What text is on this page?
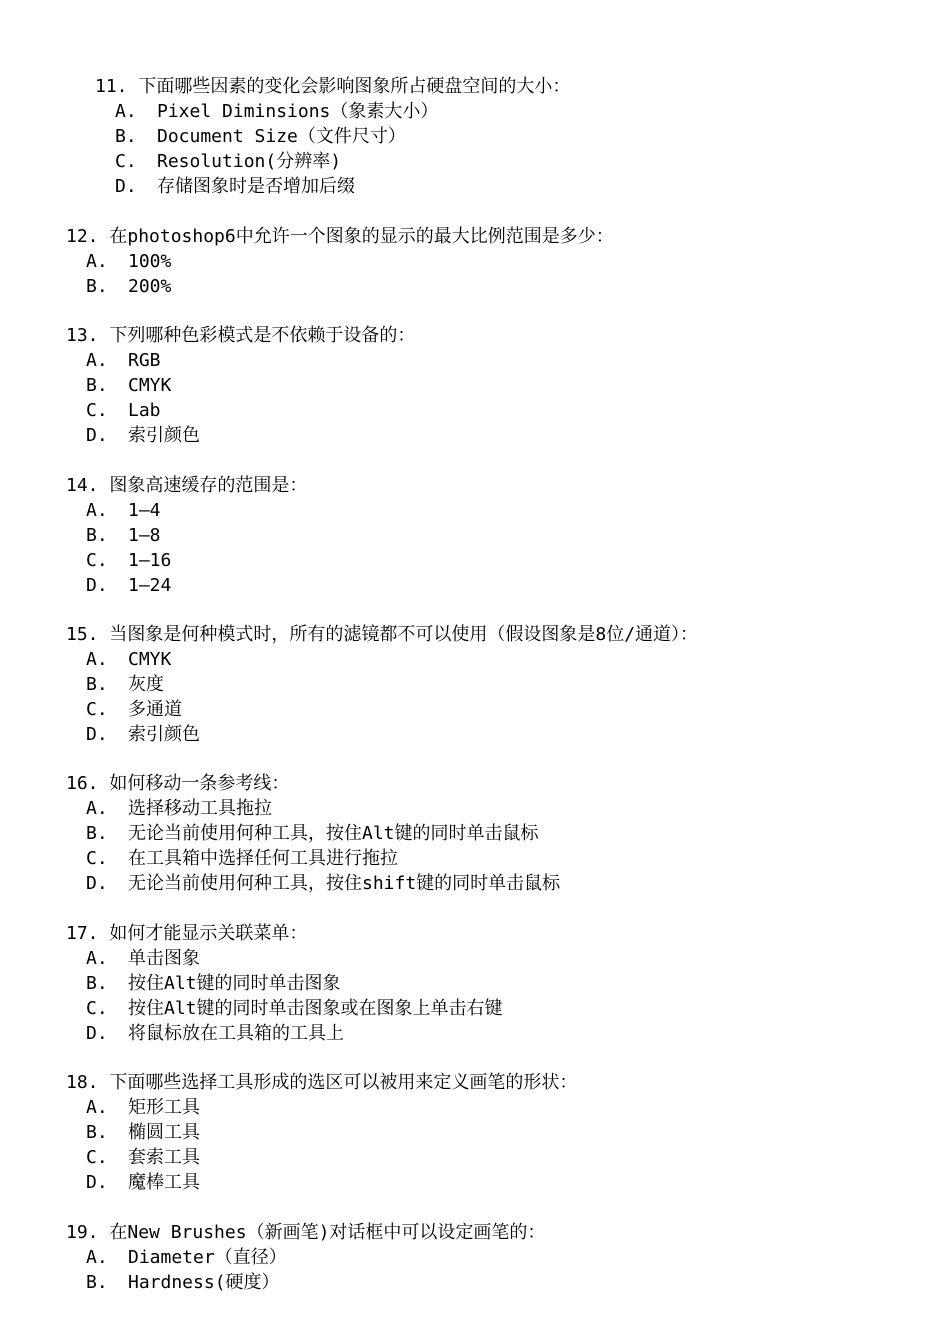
11. 下面哪些因素的变化会影响图象所占硬盘空间的大小：
A. Pixel Diminsions（象素大小）
B. Document Size（文件尺寸）
C. Resolution(分辨率)
D. 存储图象时是否增加后缀
12. 在photoshop6中允许一个图象的显示的最大比例范围是多少：
A. 100%
B. 200%
13. 下列哪种色彩模式是不依赖于设备的：
A. RGB
B. CMYK
C. Lab
D. 索引颜色
14. 图象高速缓存的范围是：
A. 1—4
B. 1—8
C. 1—16
D. 1—24
15. 当图象是何种模式时，所有的滤镜都不可以使用（假设图象是8位/通道）：
A. CMYK
B. 灰度
C. 多通道
D. 索引颜色
16. 如何移动一条参考线：
A. 选择移动工具拖拉
B. 无论当前使用何种工具，按住Alt键的同时单击鼠标
C. 在工具箱中选择任何工具进行拖拉
D. 无论当前使用何种工具，按住shift键的同时单击鼠标
17. 如何才能显示关联菜单：
A. 单击图象
B. 按住Alt键的同时单击图象
C. 按住Alt键的同时单击图象或在图象上单击右键
D. 将鼠标放在工具箱的工具上
18. 下面哪些选择工具形成的选区可以被用来定义画笔的形状：
A. 矩形工具
B. 椭圆工具
C. 套索工具
D. 魔棒工具
19. 在New Brushes（新画笔)对话框中可以设定画笔的：
A. Diameter（直径）
B. Hardness(硬度）
